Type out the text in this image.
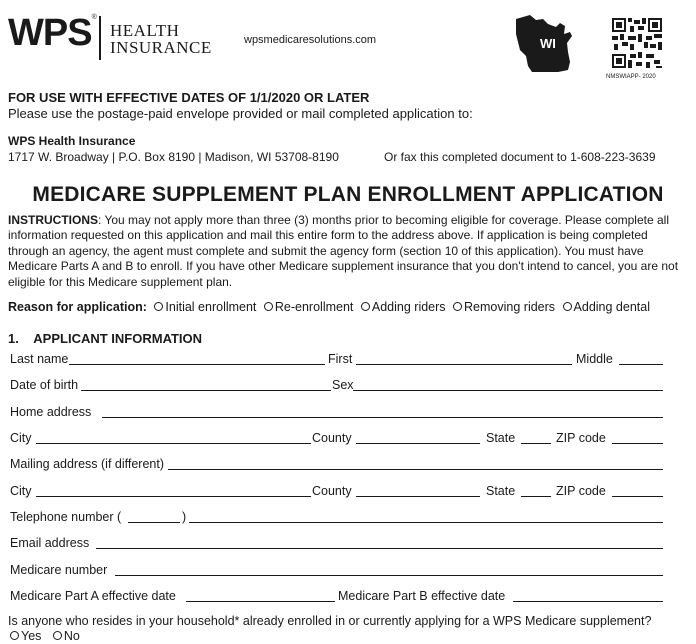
WPS®
HEALTH
INSURANCE	wpsmedicaresolutions.com	WI
NMSWIAPP- 2020
FOR USE WITH EFFECTIVE DATES OF 1/1/2020 OR LATER
Please use the postage-paid envelope provided or mail completed application to:
WPS Health Insurance
1717 W. Broadway | P.O. Box 8190 | Madison, WI 53708-8190	Or fax this completed document to 1-608-223-3639
MEDICARE SUPPLEMENT PLAN ENROLLMENT APPLICATION
INSTRUCTIONS: You may not apply more than three (3) months prior to becoming eligible for coverage. Please complete all information requested on this application and mail this entire form to the address above. If application is being completed through an agency, the agent must complete and submit the agency form (section 10 of this application). You must have Medicare Parts A and B to enroll. If you have other Medicare supplement insurance that you don't intend to cancel, you are not eligible for this Medicare supplement plan.
Reason for application: Initial enrollment Re-enrollment Adding riders Removing riders Adding dental
1. APPLICANT INFORMATION
Last name	First	Middle
Date of birth	Sex
Home address
City	County	State	ZIP code
Mailing address (if different)
City	County	State	ZIP code
Telephone number (	)
Email address
Medicare number
Medicare Part A effective date	Medicare Part B effective date
Is anyone who resides in your household* already enrolled in or currently applying for a WPS Medicare supplement?
Yes No
